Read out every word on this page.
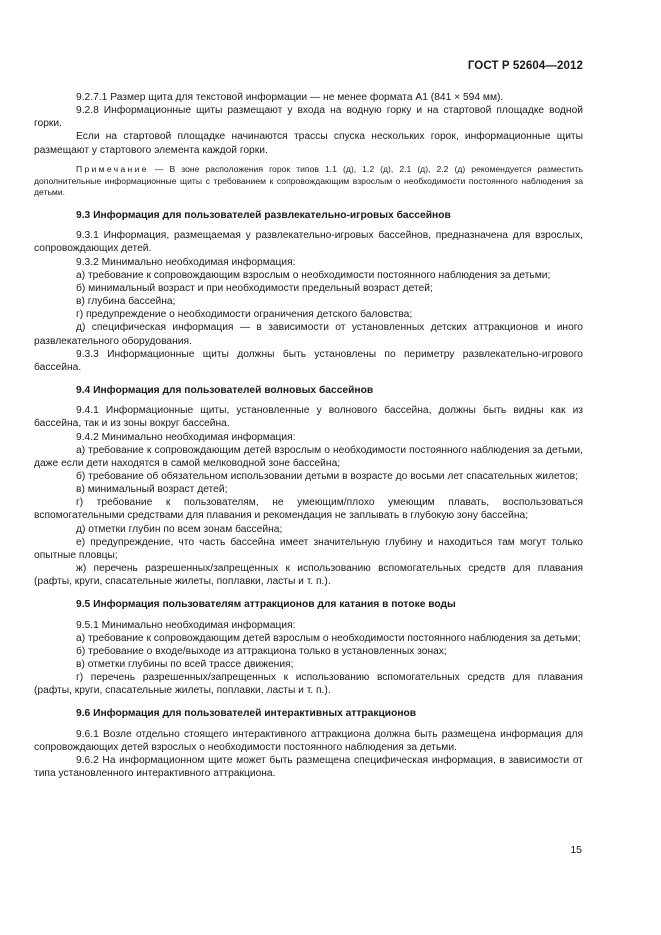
ГОСТ Р 52604—2012

9.2.7.1 Размер щита для текстовой информации — не менее формата А1 (841 × 594 мм).

9.2.8 Информационные щиты размещают у входа на водную горку и на стартовой площадке водной горки.

Если на стартовой площадке начинаются трассы спуска нескольких горок, информационные щиты размещают у стартового элемента каждой горки.

Примечание — В зоне расположения горок типов 1.1 (д), 1.2 (д), 2.1 (д), 2.2 (д) рекомендуется разместить дополнительные информационные щиты с требованием к сопровождающим взрослым о необходимости постоянного наблюдения за детьми.

9.3 Информация для пользователей развлекательно-игровых бассейнов

9.3.1 Информация, размещаемая у развлекательно-игровых бассейнов, предназначена для взрослых, сопровождающих детей.

9.3.2 Минимально необходимая информация:

а) требование к сопровождающим взрослым о необходимости постоянного наблюдения за детьми;

б) минимальный возраст и при необходимости предельный возраст детей;

в) глубина бассейна;

г) предупреждение о необходимости ограничения детского баловства;

д) специфическая информация — в зависимости от установленных детских аттракционов и иного развлекательного оборудования.

9.3.3 Информационные щиты должны быть установлены по периметру развлекательно-игрового бассейна.

9.4 Информация для пользователей волновых бассейнов

9.4.1 Информационные щиты, установленные у волнового бассейна, должны быть видны как из бассейна, так и из зоны вокруг бассейна.

9.4.2 Минимально необходимая информация:

а) требование к сопровождающим детей взрослым о необходимости постоянного наблюдения за детьми, даже если дети находятся в самой мелководной зоне бассейна;

б) требование об обязательном использовании детьми в возрасте до восьми лет спасательных жилетов;

в) минимальный возраст детей;

г) требование к пользователям, не умеющим/плохо умеющим плавать, воспользоваться вспомогательными средствами для плавания и рекомендация не заплывать в глубокую зону бассейна;

д) отметки глубин по всем зонам бассейна;

е) предупреждение, что часть бассейна имеет значительную глубину и находиться там могут только опытные пловцы;

ж) перечень разрешенных/запрещенных к использованию вспомогательных средств для плавания (рафты, круги, спасательные жилеты, поплавки, ласты и т. п.).

9.5 Информация пользователям аттракционов для катания в потоке воды

9.5.1 Минимально необходимая информация:

а) требование к сопровождающим детей взрослым о необходимости постоянного наблюдения за детьми;

б) требование о входе/выходе из аттракциона только в установленных зонах;

в) отметки глубины по всей трассе движения;

г) перечень разрешенных/запрещенных к использованию вспомогательных средств для плавания (рафты, круги, спасательные жилеты, поплавки, ласты и т. п.).

9.6 Информация для пользователей интерактивных аттракционов

9.6.1 Возле отдельно стоящего интерактивного аттракциона должна быть размещена информация для сопровождающих детей взрослых о необходимости постоянного наблюдения за детьми.

9.6.2 На информационном щите может быть размещена специфическая информация, в зависимости от типа установленного интерактивного аттракциона.

15
